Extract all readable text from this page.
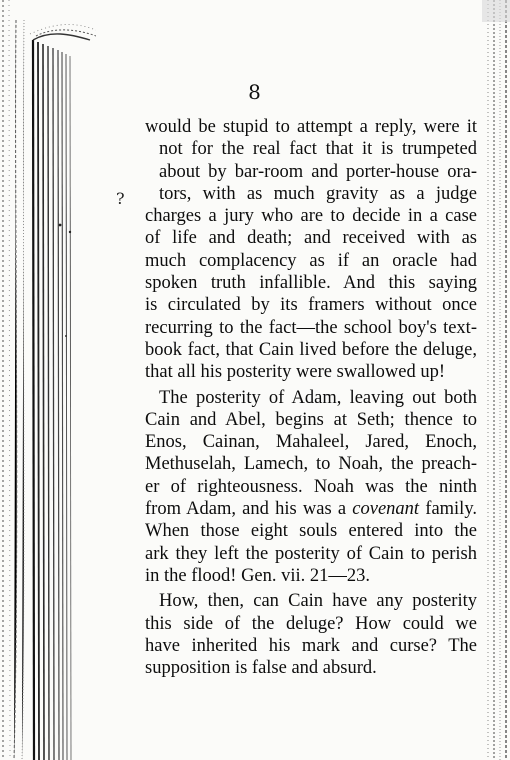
8
?
would be stupid to attempt a reply, were it
not for the real fact that it is trumpeted
about by bar-room and porter-house ora-
tors, with as much gravity as a judge
charges a jury who are to decide in a case
of life and death; and received with as
much complacency as if an oracle had
spoken truth infallible. And this saying
is circulated by its framers without once
recurring to the fact—the school boy's text-
book fact, that Cain lived before the deluge,
that all his posterity were swallowed up!
The posterity of Adam, leaving out both
Cain and Abel, begins at Seth; thence to
Enos, Cainan, Mahaleel, Jared, Enoch,
Methuselah, Lamech, to Noah, the preach-
er of righteousness. Noah was the ninth
from Adam, and his was a covenant family.
When those eight souls entered into the
ark they left the posterity of Cain to perish
in the flood! Gen. vii. 21—23.
How, then, can Cain have any posterity
this side of the deluge? How could we
have inherited his mark and curse? The
supposition is false and absurd.
